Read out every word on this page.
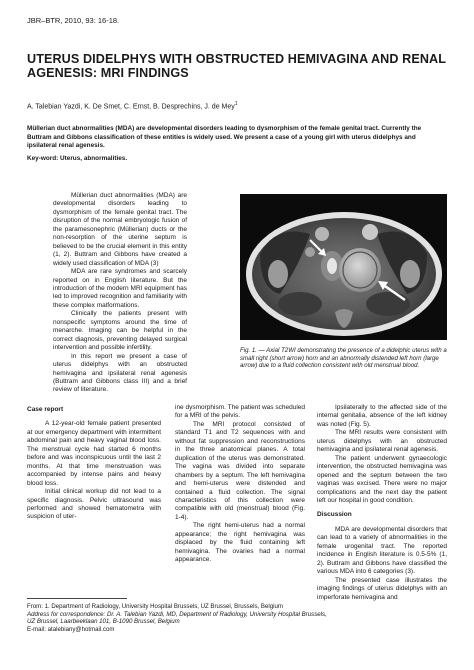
JBR–BTR, 2010, 93: 16-18.
UTERUS DIDELPHYS WITH OBSTRUCTED HEMIVAGINA AND RENAL AGENESIS: MRI FINDINGS
A. Talebian Yazdi, K. De Smet, C. Ernst, B. Desprechins, J. de Mey$^1$
Müllerian duct abnormalities (MDA) are developmental disorders leading to dysmorphism of the female genital tract. Currently the Buttram and Gibbons classification of these entities is widely used. We present a case of a young girl with uterus didelphys and ipsilateral renal agenesis.
Key-word: Uterus, abnormalities.

Müllerian duct abnormalities (MDA) are developmental disorders leading to dysmorphism of the female genital tract. The disruption of the normal embryologic fusion of the paramesonephric (Müllerian) ducts or the non-resorption of the uterine septum is believed to be the crucial element in this entity (1, 2). Buttram and Gibbons have created a widely used classification of MDA (3)

MDA are rare syndromes and scarcely reported on in English literature. But the introduction of the modern MRI equipment has led to improved recognition and familiarity with these complex malformations.

Clinically the patients present with nonspecific symptoms around the time of menarche. Imaging can be helpful in the correct diagnosis, preventing delayed surgical intervention and possible infertility.

In this report we present a case of uterus didelphys with an obstructed hemivagina and ipsilateral renal agenesis (Buttram and Gibbons class III) and a brief review of literature.

Case report

A 12-year-old female patient presented at our emergency department with intermittent abdominal pain and heavy vaginal blood loss. The menstrual cycle had started 6 months before and was inconspicuous until the last 2 months. At that time menstruation was accompanied by intense pains and heavy blood loss.

Initial clinical workup did not lead to a specific diagnosis. Pelvic ultrasound was performed and showed hematometra with suspicion of uter-

Fig. 1. — Axial T2WI demonstrating the presence of a didelphic uterus with a small right (short arrow) horn and an abnormally distended left horn (large arrow) due to a fluid collection consistent with old menstrual blood.

ine dysmorphism. The patient was scheduled for a MRI of the pelvis.

The MRI protocol consisted of standard T1 and T2 sequences with and without fat suppression and reconstructions in the three anatomical planes. A total duplication of the uterus was demonstrated. The vagina was divided into separate chambers by a septum. The left hemivagina and hemi-uterus were distended and contained a fluid collection. The signal characteristics of this collection were compatible with old (menstrual) blood (Fig. 1-4).

The right hemi-uterus had a normal appearance; the right hemivagina was displaced by the fluid containing left hemivagina. The ovaries had a normal appearance.

Ipsilaterally to the affected side of the internal genitalia, absence of the left kidney was noted (Fig. 5).

The MRI results were consistent with uterus didelphys with an obstructed hemivagina and ipsilateral renal agenesis.

The patient underwent gynaecologic intervention, the obstructed hemivagina was opened and the septum between the two vaginas was excised. There were no major complications and the next day the patient left our hospital in good condition.

Discussion

MDA are developmental disorders that can lead to a variety of abnormalities in the female urogenital tract. The reported incidence in English literature is 0.5-5% (1, 2). Buttram and Gibbons have classified the various MDA into 6 categories (3).

The presented case illustrates the imaging findings of uterus didelphys with an imperforate hemivagina and

From: 1. Department of Radiology, University Hospital Brussels, UZ Brussel, Brussels, Belgium
Address for correspondence: Dr. A. Talebian Yazdi, MD, Department of Radiology, University Hospital Brussels, UZ Brussel, Laarbeeklaan 101, B-1090 Brussel, Belgium
E-mail: atalebiany@hotmail.com
